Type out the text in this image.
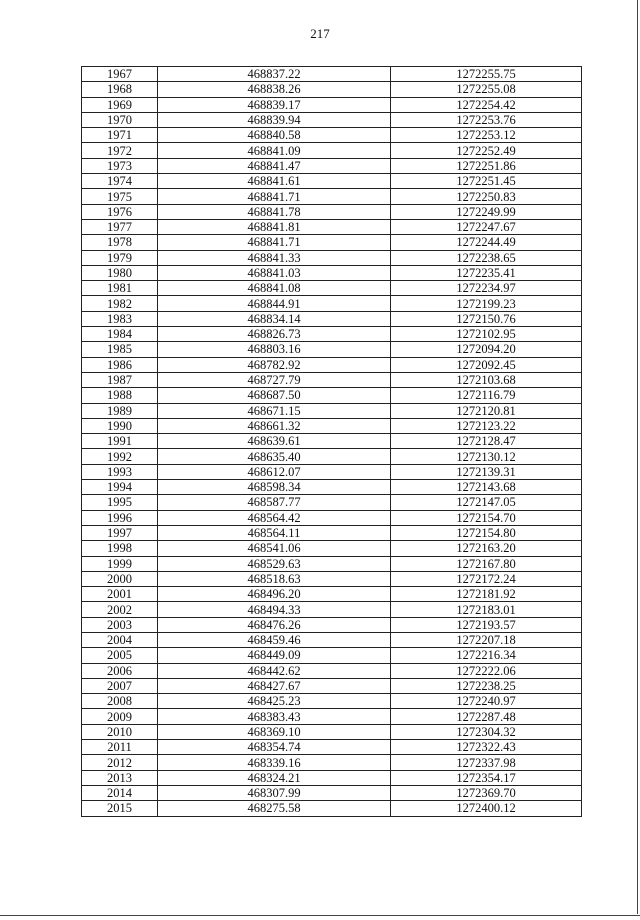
217
1967	468837.22	1272255.75
1968	468838.26	1272255.08
1969	468839.17	1272254.42
1970	468839.94	1272253.76
1971	468840.58	1272253.12
1972	468841.09	1272252.49
1973	468841.47	1272251.86
1974	468841.61	1272251.45
1975	468841.71	1272250.83
1976	468841.78	1272249.99
1977	468841.81	1272247.67
1978	468841.71	1272244.49
1979	468841.33	1272238.65
1980	468841.03	1272235.41
1981	468841.08	1272234.97
1982	468844.91	1272199.23
1983	468834.14	1272150.76
1984	468826.73	1272102.95
1985	468803.16	1272094.20
1986	468782.92	1272092.45
1987	468727.79	1272103.68
1988	468687.50	1272116.79
1989	468671.15	1272120.81
1990	468661.32	1272123.22
1991	468639.61	1272128.47
1992	468635.40	1272130.12
1993	468612.07	1272139.31
1994	468598.34	1272143.68
1995	468587.77	1272147.05
1996	468564.42	1272154.70
1997	468564.11	1272154.80
1998	468541.06	1272163.20
1999	468529.63	1272167.80
2000	468518.63	1272172.24
2001	468496.20	1272181.92
2002	468494.33	1272183.01
2003	468476.26	1272193.57
2004	468459.46	1272207.18
2005	468449.09	1272216.34
2006	468442.62	1272222.06
2007	468427.67	1272238.25
2008	468425.23	1272240.97
2009	468383.43	1272287.48
2010	468369.10	1272304.32
2011	468354.74	1272322.43
2012	468339.16	1272337.98
2013	468324.21	1272354.17
2014	468307.99	1272369.70
2015	468275.58	1272400.12
